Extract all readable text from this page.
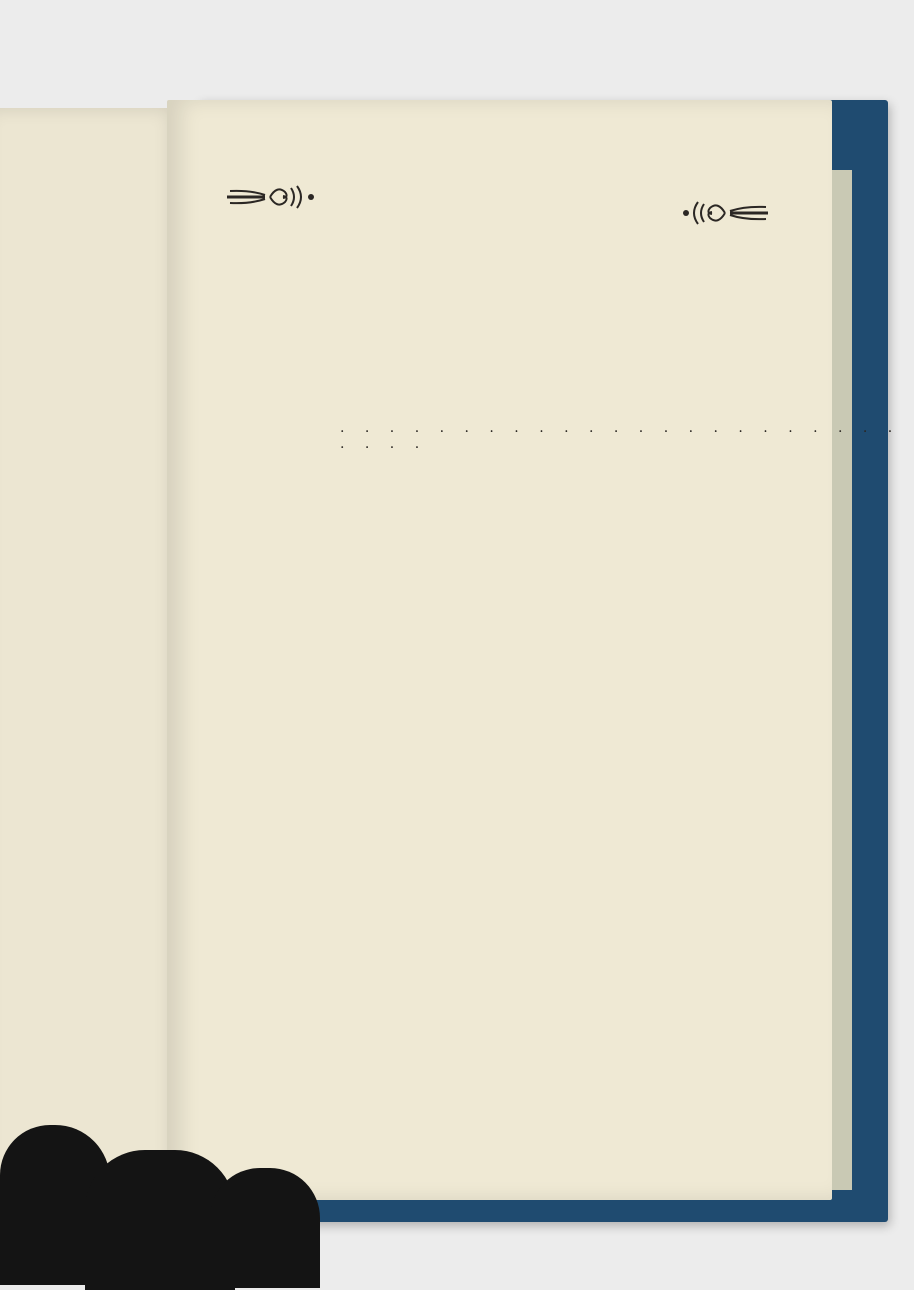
. . . . . . . . . . . . . . . . . . . . . . . . . . .
